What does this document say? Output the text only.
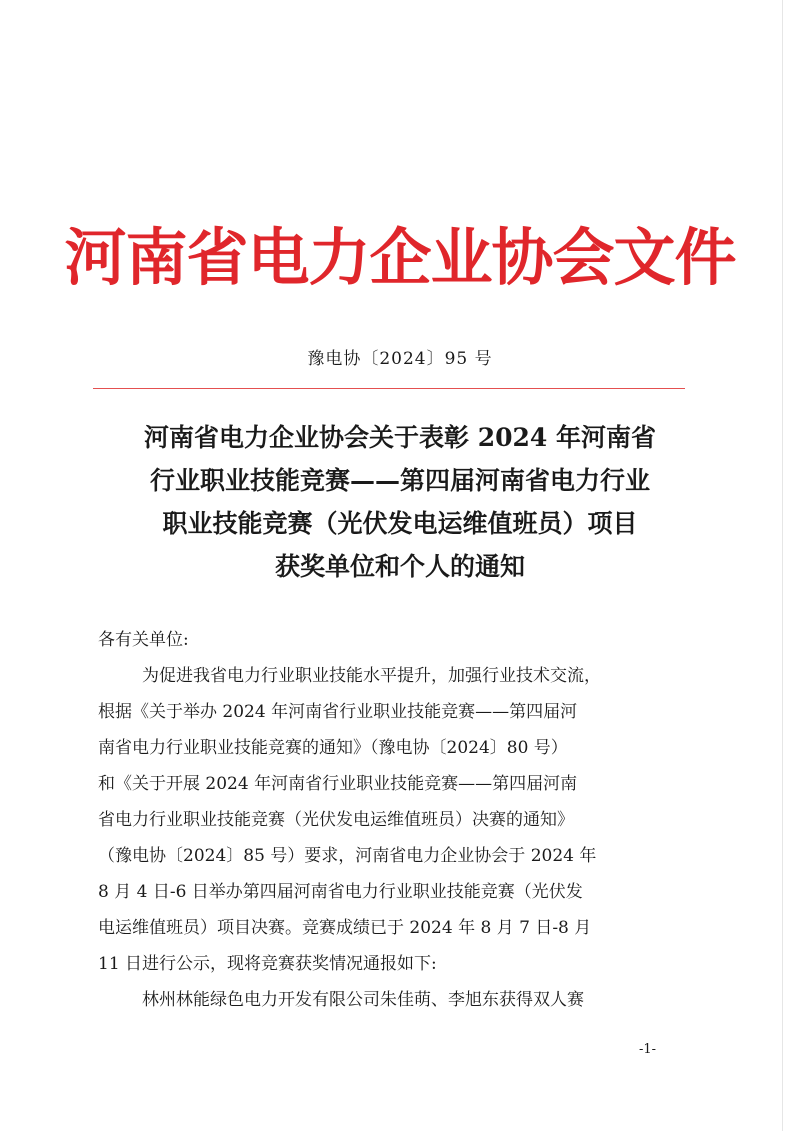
河南省电力企业协会文件
豫电协〔2024〕95 号
河南省电力企业协会关于表彰 2024 年河南省
行业职业技能竞赛——第四届河南省电力行业
职业技能竞赛（光伏发电运维值班员）项目
获奖单位和个人的通知
各有关单位:
为促进我省电力行业职业技能水平提升，加强行业技术交流，
根据《关于举办 2024 年河南省行业职业技能竞赛——第四届河
南省电力行业职业技能竞赛的通知》（豫电协〔2024〕80 号）
和《关于开展 2024 年河南省行业职业技能竞赛——第四届河南
省电力行业职业技能竞赛（光伏发电运维值班员）决赛的通知》
（豫电协〔2024〕85 号）要求，河南省电力企业协会于 2024 年
8 月 4 日-6 日举办第四届河南省电力行业职业技能竞赛（光伏发
电运维值班员）项目决赛。竞赛成绩已于 2024 年 8 月 7 日-8 月
11 日进行公示，现将竞赛获奖情况通报如下:
林州林能绿色电力开发有限公司朱佳萌、李旭东获得双人赛
-1-
